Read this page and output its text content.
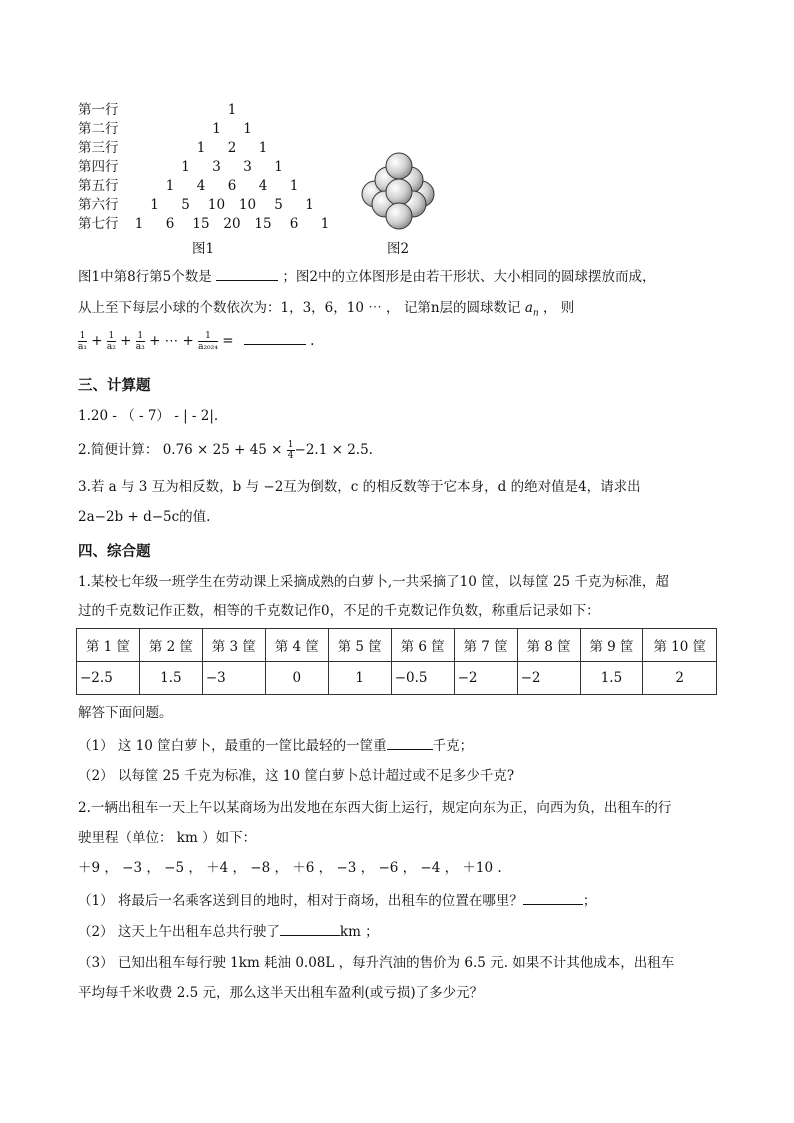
第一行	1
第二行	1	1
第三行	1	2	1
第四行	1	3	3	1
第五行	1	4	6	4	1
第六行	1	5	10 10	5	1
第七行	1	6	15 20 15	6	1
图1	图2
图1中第8行第5个数是	；图2中的立体图形是由若干形状、大小相同的圆球摆放而成，
从上至下每层小球的个数依次为：1，3，6，10 ⋯ ， 记第n层的圆球数记 $a_n$ ， 则
$\frac{1}{\text{a₁}} + \frac{1}{\text{a₂}} + \frac{1}{\text{a₃}}$ + ⋯ + $\frac{1}{\text{a₂₀₂₄}}$ =	.
三、计算题
1.20 - （ - 7） - | - 2|.
2.简便计算： $0.76 \times 25 + 45 \times \frac{1}{4} -2.1 \times 2.5$.
3.若 a 与 3 互为相反数，b 与 −2互为倒数，c 的相反数等于它本身，d 的绝对值是4，请求出
2a−2b + d−5c的值.
四、综合题
1.某校七年级一班学生在劳动课上采摘成熟的白萝卜,一共采摘了10 筐，以每筐 25 千克为标准，超
过的千克数记作正数，相等的千克数记作0，不足的千克数记作负数，称重后记录如下：
第 1 筐	第 2 筐	第 3 筐	第 4 筐	第 5 筐	第 6 筐	第 7 筐	第 8 筐	第 9 筐	第 10 筐
−2.5	1.5	−3	0	1	−0.5	−2	−2	1.5	2
解答下面问题。
（1） 这 10 筐白萝卜，最重的一筐比最轻的一筐重	千克；
（2） 以每筐 25 千克为标准，这 10 筐白萝卜总计超过或不足多少千克?
2.一辆出租车一天上午以某商场为出发地在东西大街上运行，规定向东为正，向西为负，出租车的行
驶里程（单位： km ）如下：
＋9 ， −3 ， −5 ， ＋4 ， −8 ， ＋6 ， −3 ， −6 ， −4 ， ＋10 .
（1） 将最后一名乘客送到目的地时，相对于商场，出租车的位置在哪里？	；
（2） 这天上午出租车总共行驶了	km ；
（3） 已知出租车每行驶 1km 耗油 0.08L ，每升汽油的售价为 6.5 元. 如果不计其他成本，出租车
平均每千米收费 2.5 元，那么这半天出租车盈利(或亏损)了多少元？
